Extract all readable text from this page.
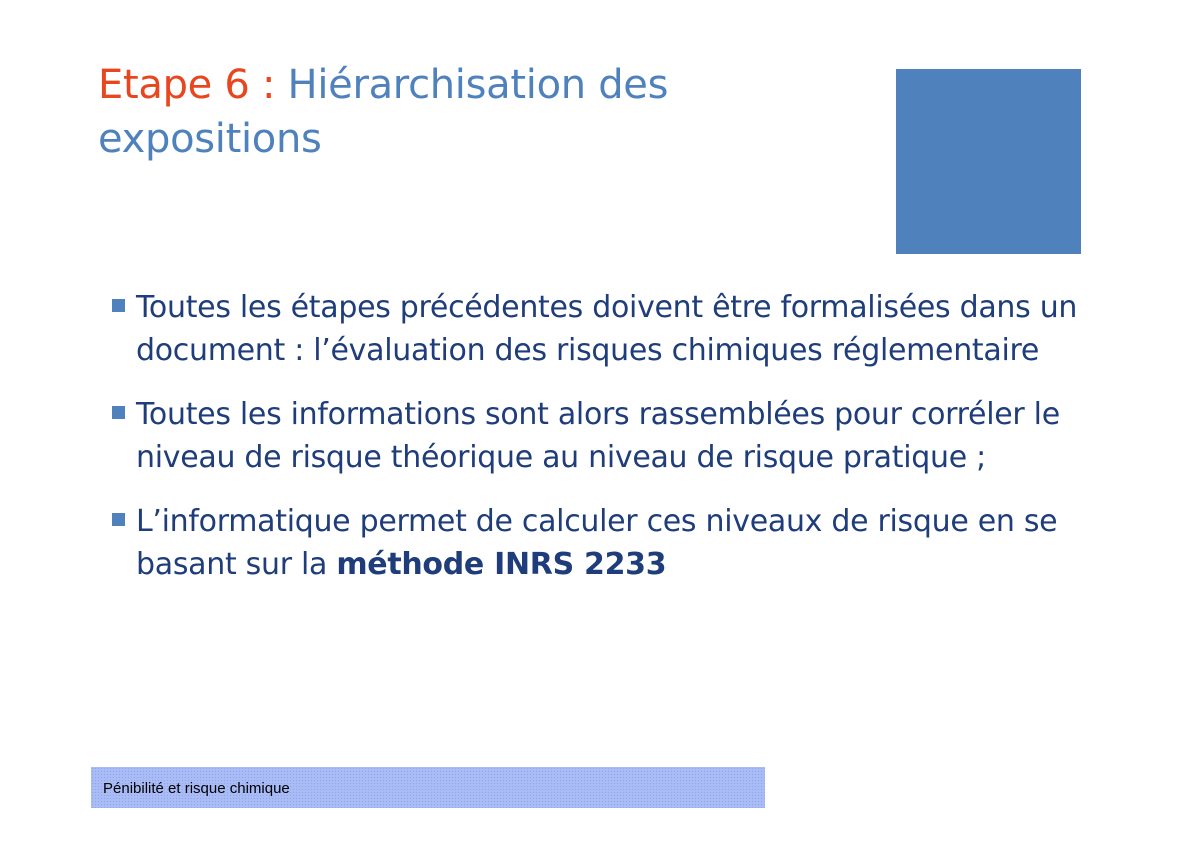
Etape 6 : Hiérarchisation des expositions
Toutes les étapes précédentes doivent être formalisées dans un document : l’évaluation des risques chimiques réglementaire
Toutes les informations sont alors rassemblées pour corréler le niveau de risque théorique au niveau de risque pratique ;
L’informatique permet de calculer ces niveaux de risque en se basant sur la méthode INRS 2233
Pénibilité et risque chimique
